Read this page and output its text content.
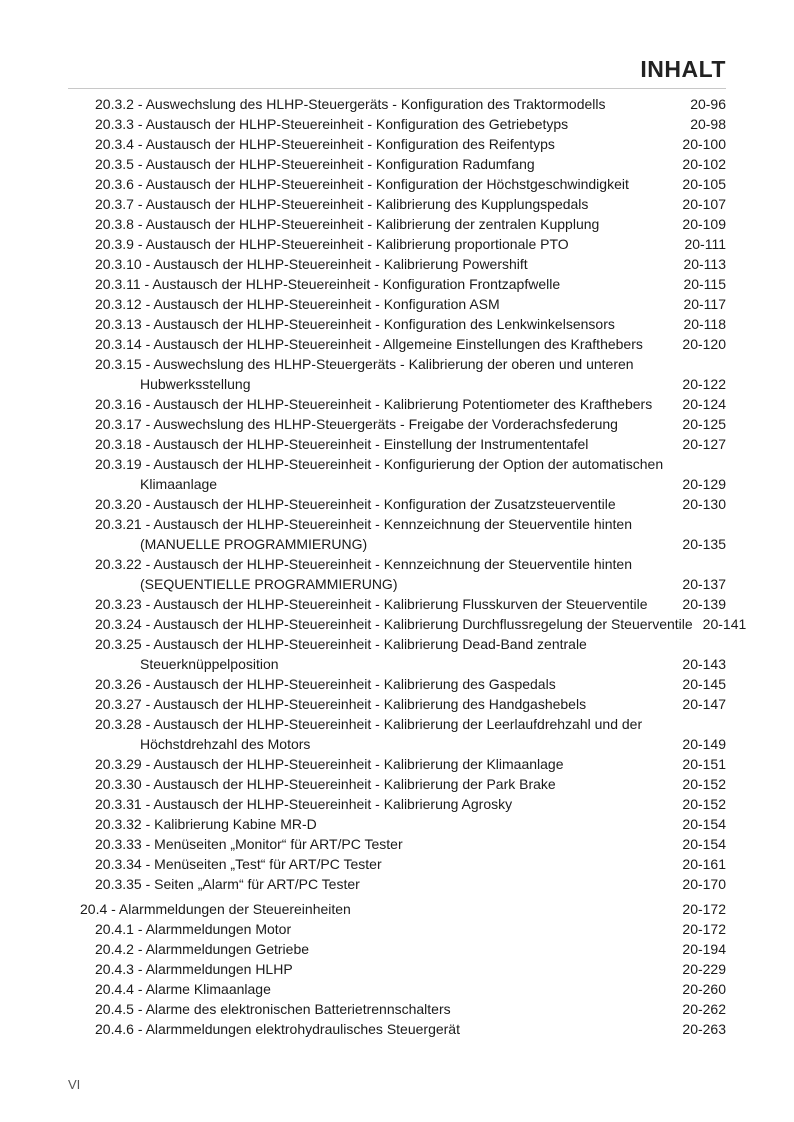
INHALT
20.3.2 - Auswechslung des HLHP-Steuergeräts - Konfiguration des Traktormodells	20-96
20.3.3 - Austausch der HLHP-Steuereinheit - Konfiguration des Getriebetyps	20-98
20.3.4 - Austausch der HLHP-Steuereinheit - Konfiguration des Reifentyps	20-100
20.3.5 - Austausch der HLHP-Steuereinheit - Konfiguration Radumfang	20-102
20.3.6 - Austausch der HLHP-Steuereinheit - Konfiguration der Höchstgeschwindigkeit	20-105
20.3.7 - Austausch der HLHP-Steuereinheit - Kalibrierung des Kupplungspedals	20-107
20.3.8 - Austausch der HLHP-Steuereinheit - Kalibrierung der zentralen Kupplung	20-109
20.3.9 - Austausch der HLHP-Steuereinheit - Kalibrierung proportionale PTO	20-111
20.3.10 - Austausch der HLHP-Steuereinheit - Kalibrierung Powershift	20-113
20.3.11 - Austausch der HLHP-Steuereinheit - Konfiguration Frontzapfwelle	20-115
20.3.12 - Austausch der HLHP-Steuereinheit - Konfiguration ASM	20-117
20.3.13 - Austausch der HLHP-Steuereinheit - Konfiguration des Lenkwinkelsensors	20-118
20.3.14 - Austausch der HLHP-Steuereinheit - Allgemeine Einstellungen des Krafthebers	20-120
20.3.15 - Auswechslung des HLHP-Steuergeräts - Kalibrierung der oberen und unteren
Hubwerksstellung	20-122
20.3.16 - Austausch der HLHP-Steuereinheit - Kalibrierung Potentiometer des Krafthebers	20-124
20.3.17 - Auswechslung des HLHP-Steuergeräts - Freigabe der Vorderachsfederung	20-125
20.3.18 - Austausch der HLHP-Steuereinheit - Einstellung der Instrumententafel	20-127
20.3.19 - Austausch der HLHP-Steuereinheit - Konfigurierung der Option der automatischen
Klimaanlage	20-129
20.3.20 - Austausch der HLHP-Steuereinheit - Konfiguration der Zusatzsteuerventile	20-130
20.3.21 - Austausch der HLHP-Steuereinheit - Kennzeichnung der Steuerventile hinten
(MANUELLE PROGRAMMIERUNG)	20-135
20.3.22 - Austausch der HLHP-Steuereinheit - Kennzeichnung der Steuerventile hinten
(SEQUENTIELLE PROGRAMMIERUNG)	20-137
20.3.23 - Austausch der HLHP-Steuereinheit - Kalibrierung Flusskurven der Steuerventile	20-139
20.3.24 - Austausch der HLHP-Steuereinheit - Kalibrierung Durchflussregelung der Steuerventile 20-141
20.3.25 - Austausch der HLHP-Steuereinheit - Kalibrierung Dead-Band zentrale
Steuerknüppelposition	20-143
20.3.26 - Austausch der HLHP-Steuereinheit - Kalibrierung des Gaspedals	20-145
20.3.27 - Austausch der HLHP-Steuereinheit - Kalibrierung des Handgashebels	20-147
20.3.28 - Austausch der HLHP-Steuereinheit - Kalibrierung der Leerlaufdrehzahl und der
Höchstdrehzahl des Motors	20-149
20.3.29 - Austausch der HLHP-Steuereinheit - Kalibrierung der Klimaanlage	20-151
20.3.30 - Austausch der HLHP-Steuereinheit - Kalibrierung der Park Brake	20-152
20.3.31 - Austausch der HLHP-Steuereinheit - Kalibrierung Agrosky	20-152
20.3.32 - Kalibrierung Kabine MR-D	20-154
20.3.33 - Menüseiten „Monitor“ für ART/PC Tester	20-154
20.3.34 - Menüseiten „Test“ für ART/PC Tester	20-161
20.3.35 - Seiten „Alarm“ für ART/PC Tester	20-170
20.4 - Alarmmeldungen der Steuereinheiten	20-172
20.4.1 - Alarmmeldungen Motor	20-172
20.4.2 - Alarmmeldungen Getriebe	20-194
20.4.3 - Alarmmeldungen HLHP	20-229
20.4.4 - Alarme Klimaanlage	20-260
20.4.5 - Alarme des elektronischen Batterietrennschalters	20-262
20.4.6 - Alarmmeldungen elektrohydraulisches Steuergerät	20-263
VI
